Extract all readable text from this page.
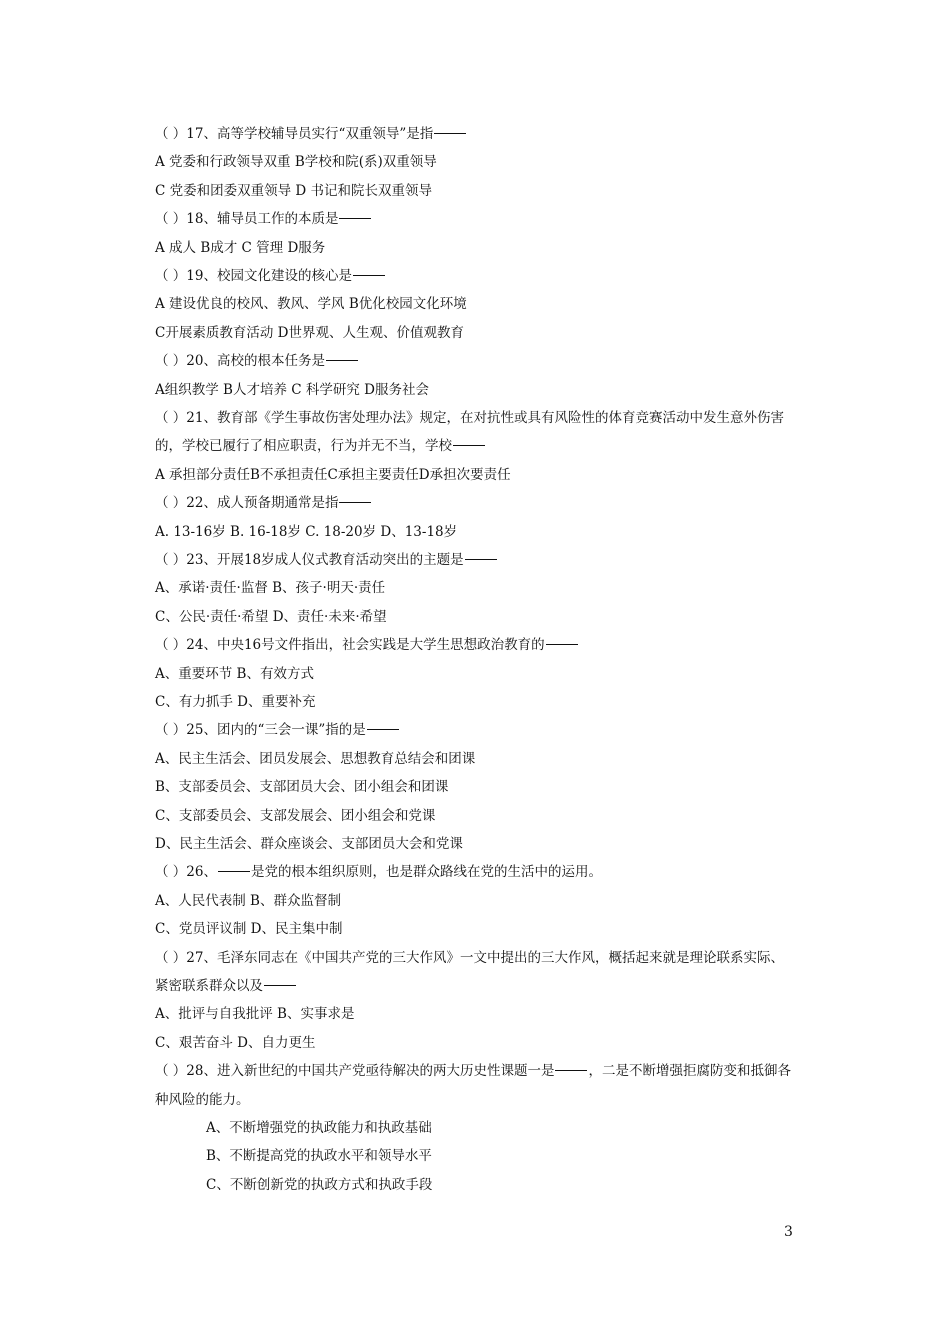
（ ）17、高等学校辅导员实行“双重领导”是指
A 党委和行政领导双重 B学校和院(系)双重领导
C 党委和团委双重领导 D 书记和院长双重领导
（ ）18、辅导员工作的本质是
A 成人 B成才 C 管理 D服务
（ ）19、校园文化建设的核心是
A 建设优良的校风、教风、学风 B优化校园文化环境
C开展素质教育活动 D世界观、人生观、价值观教育
（ ）20、高校的根本任务是
A组织教学 B人才培养 C 科学研究 D服务社会
（ ）21、教育部《学生事故伤害处理办法》规定，在对抗性或具有风险性的体育竞赛活动中发生意外伤害
的，学校已履行了相应职责，行为并无不当，学校
A 承担部分责任B不承担责任C承担主要责任D承担次要责任
（ ）22、成人预备期通常是指
A. 13-16岁 B. 16-18岁 C. 18-20岁 D、13-18岁
（ ）23、开展18岁成人仪式教育活动突出的主题是
A、承诺·责任·监督 B、孩子·明天·责任
C、公民·责任·希望 D、责任·未来·希望
（ ）24、中央16号文件指出，社会实践是大学生思想政治教育的
A、重要环节 B、有效方式
C、有力抓手 D、重要补充
（ ）25、团内的“三会一课”指的是
A、民主生活会、团员发展会、思想教育总结会和团课
B、支部委员会、支部团员大会、团小组会和团课
C、支部委员会、支部发展会、团小组会和党课
D、民主生活会、群众座谈会、支部团员大会和党课
（ ）26、	是党的根本组织原则，也是群众路线在党的生活中的运用。
A、人民代表制 B、群众监督制
C、党员评议制 D、民主集中制
（ ）27、毛泽东同志在《中国共产党的三大作风》一文中提出的三大作风，概括起来就是理论联系实际、
紧密联系群众以及
A、批评与自我批评 B、实事求是
C、艰苦奋斗 D、自力更生
（ ）28、进入新世纪的中国共产党亟待解决的两大历史性课题一是	，二是不断增强拒腐防变和抵御各
种风险的能力。
A、不断增强党的执政能力和执政基础
B、不断提高党的执政水平和领导水平
C、不断创新党的执政方式和执政手段
3
